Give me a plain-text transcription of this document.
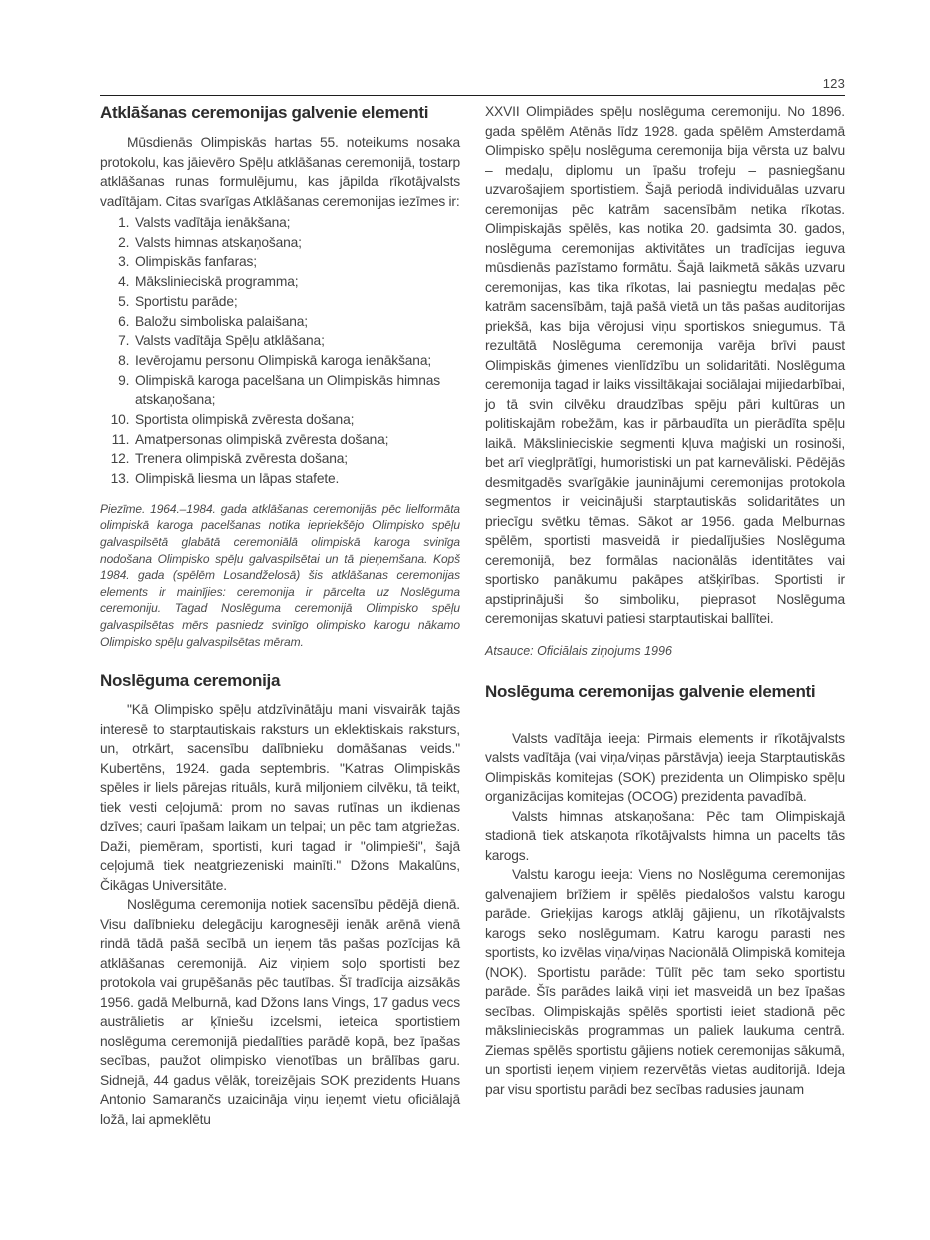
123
Atklāšanas ceremonijas galvenie elementi

Mūsdienās Olimpiskās hartas 55. noteikums nosaka protokolu, kas jāievēro Spēļu atklāšanas ceremonijā, tostarp atklāšanas runas formulējumu, kas jāpilda rīkotājvalsts vadītājam. Citas svarīgas Atklāšanas ceremonijas iezīmes ir:

1. Valsts vadītāja ienākšana;
2. Valsts himnas atskaņošana;
3. Olimpiskās fanfaras;
4. Mākslinieciskā programma;
5. Sportistu parāde;
6. Baložu simboliska palaišana;
7. Valsts vadītāja Spēļu atklāšana;
8. Ievērojamu personu Olimpiskā karoga ienākšana;
9. Olimpiskā karoga pacelšana un Olimpiskās himnas atskaņošana;
10. Sportista olimpiskā zvēresta došana;
11. Amatpersonas olimpiskā zvēresta došana;
12. Trenera olimpiskā zvēresta došana;
13. Olimpiskā liesma un lāpas stafete.

Piezīme. 1964.–1984. gada atklāšanas ceremonijās pēc lielformāta olimpiskā karoga pacelšanas notika iepriekšējo Olimpisko spēļu galvaspilsētā glabātā ceremoniālā olimpiskā karoga svinīga nodošana Olimpisko spēļu galvaspilsētai un tā pieņemšana. Kopš 1984. gada (spēlēm Losandželosā) šis atklāšanas ceremonijas elements ir mainījies: ceremonija ir pārcelta uz Noslēguma ceremoniju. Tagad Noslēguma ceremonijā Olimpisko spēļu galvaspilsētas mērs pasniedz svinīgo olimpisko karogu nākamo Olimpisko spēļu galvaspilsētas mēram.

Noslēguma ceremonija

"Kā Olimpisko spēļu atdzīvinātāju mani visvairāk tajās interesē to starptautiskais raksturs un eklektiskais raksturs, un, otrkārt, sacensību dalībnieku domāšanas veids." Kubertēns, 1924. gada septembris. "Katras Olimpiskās spēles ir liels pārejas rituāls, kurā miljoniem cilvēku, tā teikt, tiek vesti ceļojumā: prom no savas rutīnas un ikdienas dzīves; cauri īpašam laikam un telpai; un pēc tam atgriežas. Daži, piemēram, sportisti, kuri tagad ir "olimpieši", šajā ceļojumā tiek neatgriezeniski mainīti." Džons Makalūns, Čikāgas Universitāte.

Noslēguma ceremonija notiek sacensību pēdējā dienā. Visu dalībnieku delegāciju karognesēji ienāk arēnā vienā rindā tādā pašā secībā un ieņem tās pašas pozīcijas kā atklāšanas ceremonijā. Aiz viņiem soļo sportisti bez protokola vai grupēšanās pēc tautības. Šī tradīcija aizsākās 1956. gadā Melburnā, kad Džons Ians Vings, 17 gadus vecs austrālietis ar ķīniešu izcelsmi, ieteica sportistiem noslēguma ceremonijā piedalīties parādē kopā, bez īpašas secības, paužot olimpisko vienotības un brālības garu. Sidnejā, 44 gadus vēlāk, toreizējais SOK prezidents Huans Antonio Samarančs uzaicināja viņu ieņemt vietu oficiālajā ložā, lai apmeklētu

XXVII Olimpiādes spēļu noslēguma ceremoniju. No 1896. gada spēlēm Atēnās līdz 1928. gada spēlēm Amsterdamā Olimpisko spēļu noslēguma ceremonija bija vērsta uz balvu – medaļu, diplomu un īpašu trofeju – pasniegšanu uzvarošajiem sportistiem. Šajā periodā individuālas uzvaru ceremonijas pēc katrām sacensībām netika rīkotas. Olimpiskajās spēlēs, kas notika 20. gadsimta 30. gados, noslēguma ceremonijas aktivitātes un tradīcijas ieguva mūsdienās pazīstamo formātu. Šajā laikmetā sākās uzvaru ceremonijas, kas tika rīkotas, lai pasniegtu medaļas pēc katrām sacensībām, tajā pašā vietā un tās pašas auditorijas priekšā, kas bija vērojusi viņu sportiskos sniegumus. Tā rezultātā Noslēguma ceremonija varēja brīvi paust Olimpiskās ģimenes vienlīdzību un solidaritāti. Noslēguma ceremonija tagad ir laiks vissiltākajai sociālajai mijiedarbībai, jo tā svin cilvēku draudzības spēju pāri kultūras un politiskajām robežām, kas ir pārbaudīta un pierādīta spēļu laikā. Mākslinieciskie segmenti kļuva maģiski un rosinoši, bet arī vieglprātīgi, humoristiski un pat karnevāliski. Pēdējās desmitgadēs svarīgākie jauninājumi ceremonijas protokola segmentos ir veicinājuši starptautiskās solidaritātes un priecīgu svētku tēmas. Sākot ar 1956. gada Melburnas spēlēm, sportisti masveidā ir piedalījušies Noslēguma ceremonijā, bez formālas nacionālās identitātes vai sportisko panākumu pakāpes atšķirības. Sportisti ir apstiprinājuši šo simboliku, pieprasot Noslēguma ceremonijas skatuvi patiesi starptautiskai ballītei.

Atsauce: Oficiālais ziņojums 1996

Noslēguma ceremonijas galvenie elementi

Valsts vadītāja ieeja: Pirmais elements ir rīkotājvalsts valsts vadītāja (vai viņa/viņas pārstāvja) ieeja Starptautiskās Olimpiskās komitejas (SOK) prezidenta un Olimpisko spēļu organizācijas komitejas (OCOG) prezidenta pavadībā.

Valsts himnas atskaņošana: Pēc tam Olimpiskajā stadionā tiek atskaņota rīkotājvalsts himna un pacelts tās karogs.

Valstu karogu ieeja: Viens no Noslēguma ceremonijas galvenajiem brīžiem ir spēlēs piedalošos valstu karogu parāde. Grieķijas karogs atklāj gājienu, un rīkotājvalsts karogs seko noslēgumam. Katru karogu parasti nes sportists, ko izvēlas viņa/viņas Nacionālā Olimpiskā komiteja (NOK). Sportistu parāde: Tūlīt pēc tam seko sportistu parāde. Šīs parādes laikā viņi iet masveidā un bez īpašas secības. Olimpiskajās spēlēs sportisti ieiet stadionā pēc mākslinieciskās programmas un paliek laukuma centrā. Ziemas spēlēs sportistu gājiens notiek ceremonijas sākumā, un sportisti ieņem viņiem rezervētās vietas auditorijā. Ideja par visu sportistu parādi bez secības radusies jaunam
